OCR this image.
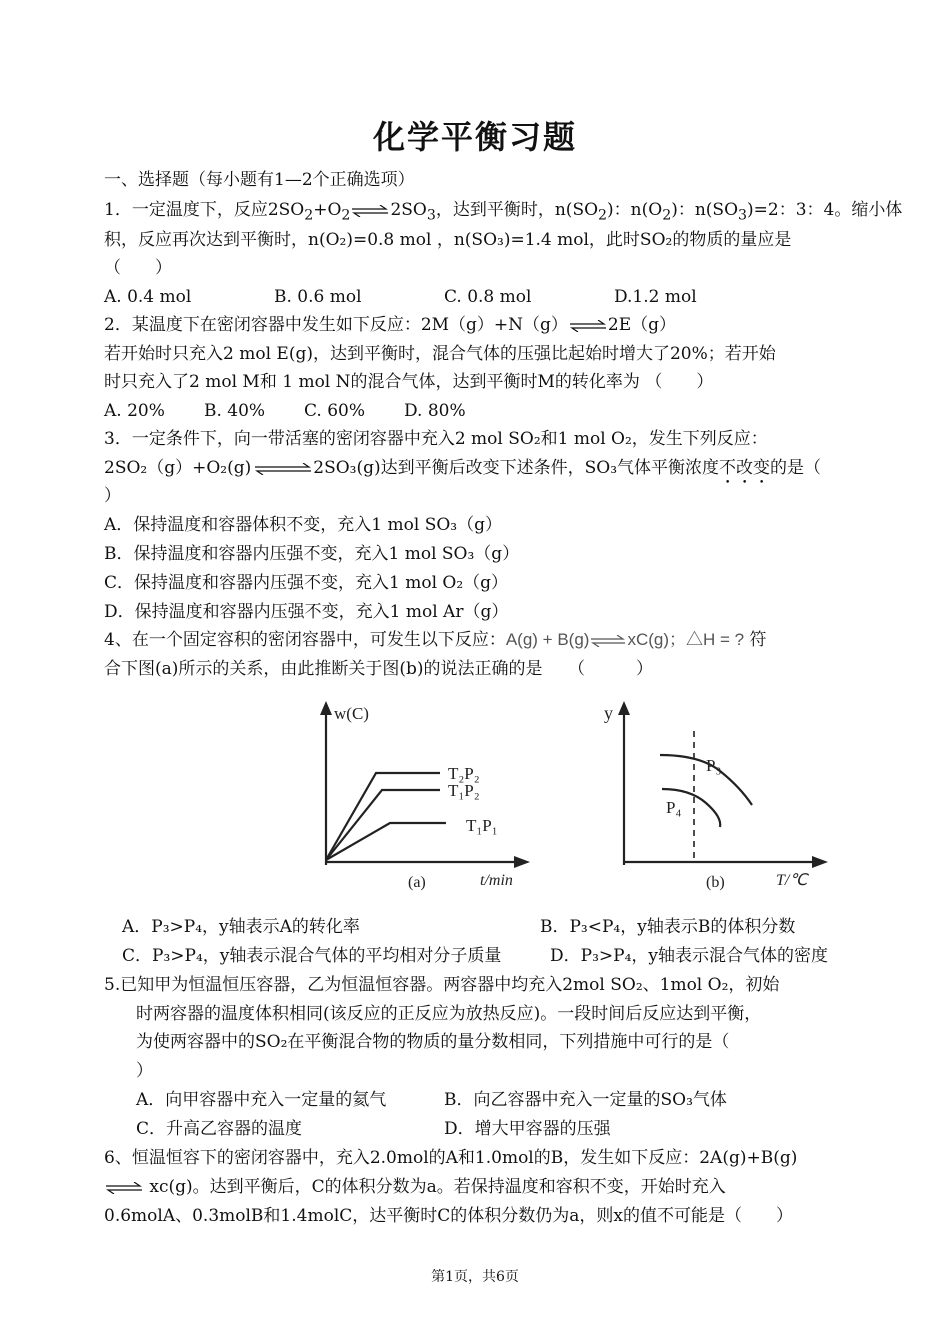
化学平衡习题
一、选择题（每小题有1—2个正确选项）
1．一定温度下，反应$2SO_2+O_2\rightleftharpoons 2SO_3$，达到平衡时，$n(SO_2)$：$n(O_2)$：$n(SO_3)=2$：3：4。缩小体
积，反应再次达到平衡时，n(O₂)=0.8 mol ，n(SO₃)=1.4 mol，此时SO₂的物质的量应是
（　　）
A. 0.4 mol	B. 0.6 mol	C. 0.8 mol	D.1.2 mol
2．某温度下在密闭容器中发生如下反应：2M（g）+N（g）⇌2E（g）
若开始时只充入2 mol E(g)，达到平衡时，混合气体的压强比起始时增大了20%；若开始
时只充入了2 mol M和 1 mol N的混合气体，达到平衡时M的转化率为 （　　）
A. 20% B. 40% C. 60% D. 80%
3．一定条件下，向一带活塞的密闭容器中充入2 mol SO₂和1 mol O₂，发生下列反应：
2SO₂（g）+O₂(g)⇌2SO₃(g)达到平衡后改变下述条件，SO₃气体平衡浓度不改变的是（
）
A．保持温度和容器体积不变，充入1 mol SO₃（g）
B．保持温度和容器内压强不变，充入1 mol SO₃（g）
C．保持温度和容器内压强不变，充入1 mol O₂（g）
D．保持温度和容器内压强不变，充入1 mol Ar（g）
4、在一个固定容积的密闭容器中，可发生以下反应：A(g) + B(g)⇌xC(g)；△H = ? 符
合下图(a)所示的关系，由此推断关于图(b)的说法正确的是　　（　　　）
w(C)
T₂P₂
T₁P₂
T₁P₁
(a)	t/min
y
P₃
P₄
(b)	T/℃
A．P₃>P₄，y轴表示A的转化率	B．P₃<P₄，y轴表示B的体积分数
C．P₃>P₄，y轴表示混合气体的平均相对分子质量	D．P₃>P₄，y轴表示混合气体的密度
5.已知甲为恒温恒压容器，乙为恒温恒容器。两容器中均充入2mol SO₂、1mol O₂，初始
时两容器的温度体积相同(该反应的正反应为放热反应)。一段时间后反应达到平衡，
为使两容器中的SO₂在平衡混合物的物质的量分数相同，下列措施中可行的是（
）
A．向甲容器中充入一定量的氦气	B．向乙容器中充入一定量的SO₃气体
C．升高乙容器的温度	D．增大甲容器的压强
6、恒温恒容下的密闭容器中，充入2.0mol的A和1.0mol的B，发生如下反应：2A(g)+B(g)
⇌ xc(g)。达到平衡后，C的体积分数为a。若保持温度和容积不变，开始时充入
0.6molA、0.3molB和1.4molC，达平衡时C的体积分数仍为a，则x的值不可能是（　　）
第1页，共6页
